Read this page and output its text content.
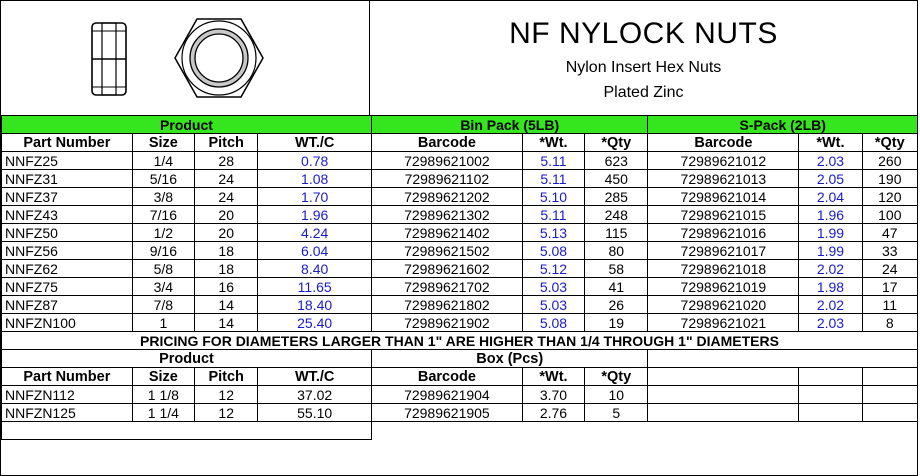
NF NYLOCK NUTS
Nylon Insert Hex Nuts
Plated Zinc
Product				Bin Pack (5LB)			S-Pack (2LB)		
Part Number	Size	Pitch	WT./C	Barcode	*Wt.	*Qty	Barcode	*Wt.	*Qty
NNFZ25	1/4	28	0.78	72989621002	5.11	623	72989621012	2.03	260
NNFZ31	5/16	24	1.08	72989621102	5.11	450	72989621013	2.05	190
NNFZ37	3/8	24	1.70	72989621202	5.10	285	72989621014	2.04	120
NNFZ43	7/16	20	1.96	72989621302	5.11	248	72989621015	1.96	100
NNFZ50	1/2	20	4.24	72989621402	5.13	115	72989621016	1.99	47
NNFZ56	9/16	18	6.04	72989621502	5.08	80	72989621017	1.99	33
NNFZ62	5/8	18	8.40	72989621602	5.12	58	72989621018	2.02	24
NNFZ75	3/4	16	11.65	72989621702	5.03	41	72989621019	1.98	17
NNFZ87	7/8	14	18.40	72989621802	5.03	26	72989621020	2.02	11
NNFZN100	1	14	25.40	72989621902	5.08	19	72989621021	2.03	8
PRICING FOR DIAMETERS LARGER THAN 1" ARE HIGHER THAN 1/4 THROUGH 1" DIAMETERS									
Product				Box (Pcs)					
Part Number	Size	Pitch	WT./C	Barcode	*Wt.	*Qty			
NNFZN112	1 1/8	12	37.02	72989621904	3.70	10			
NNFZN125	1 1/4	12	55.10	72989621905	2.76	5			
